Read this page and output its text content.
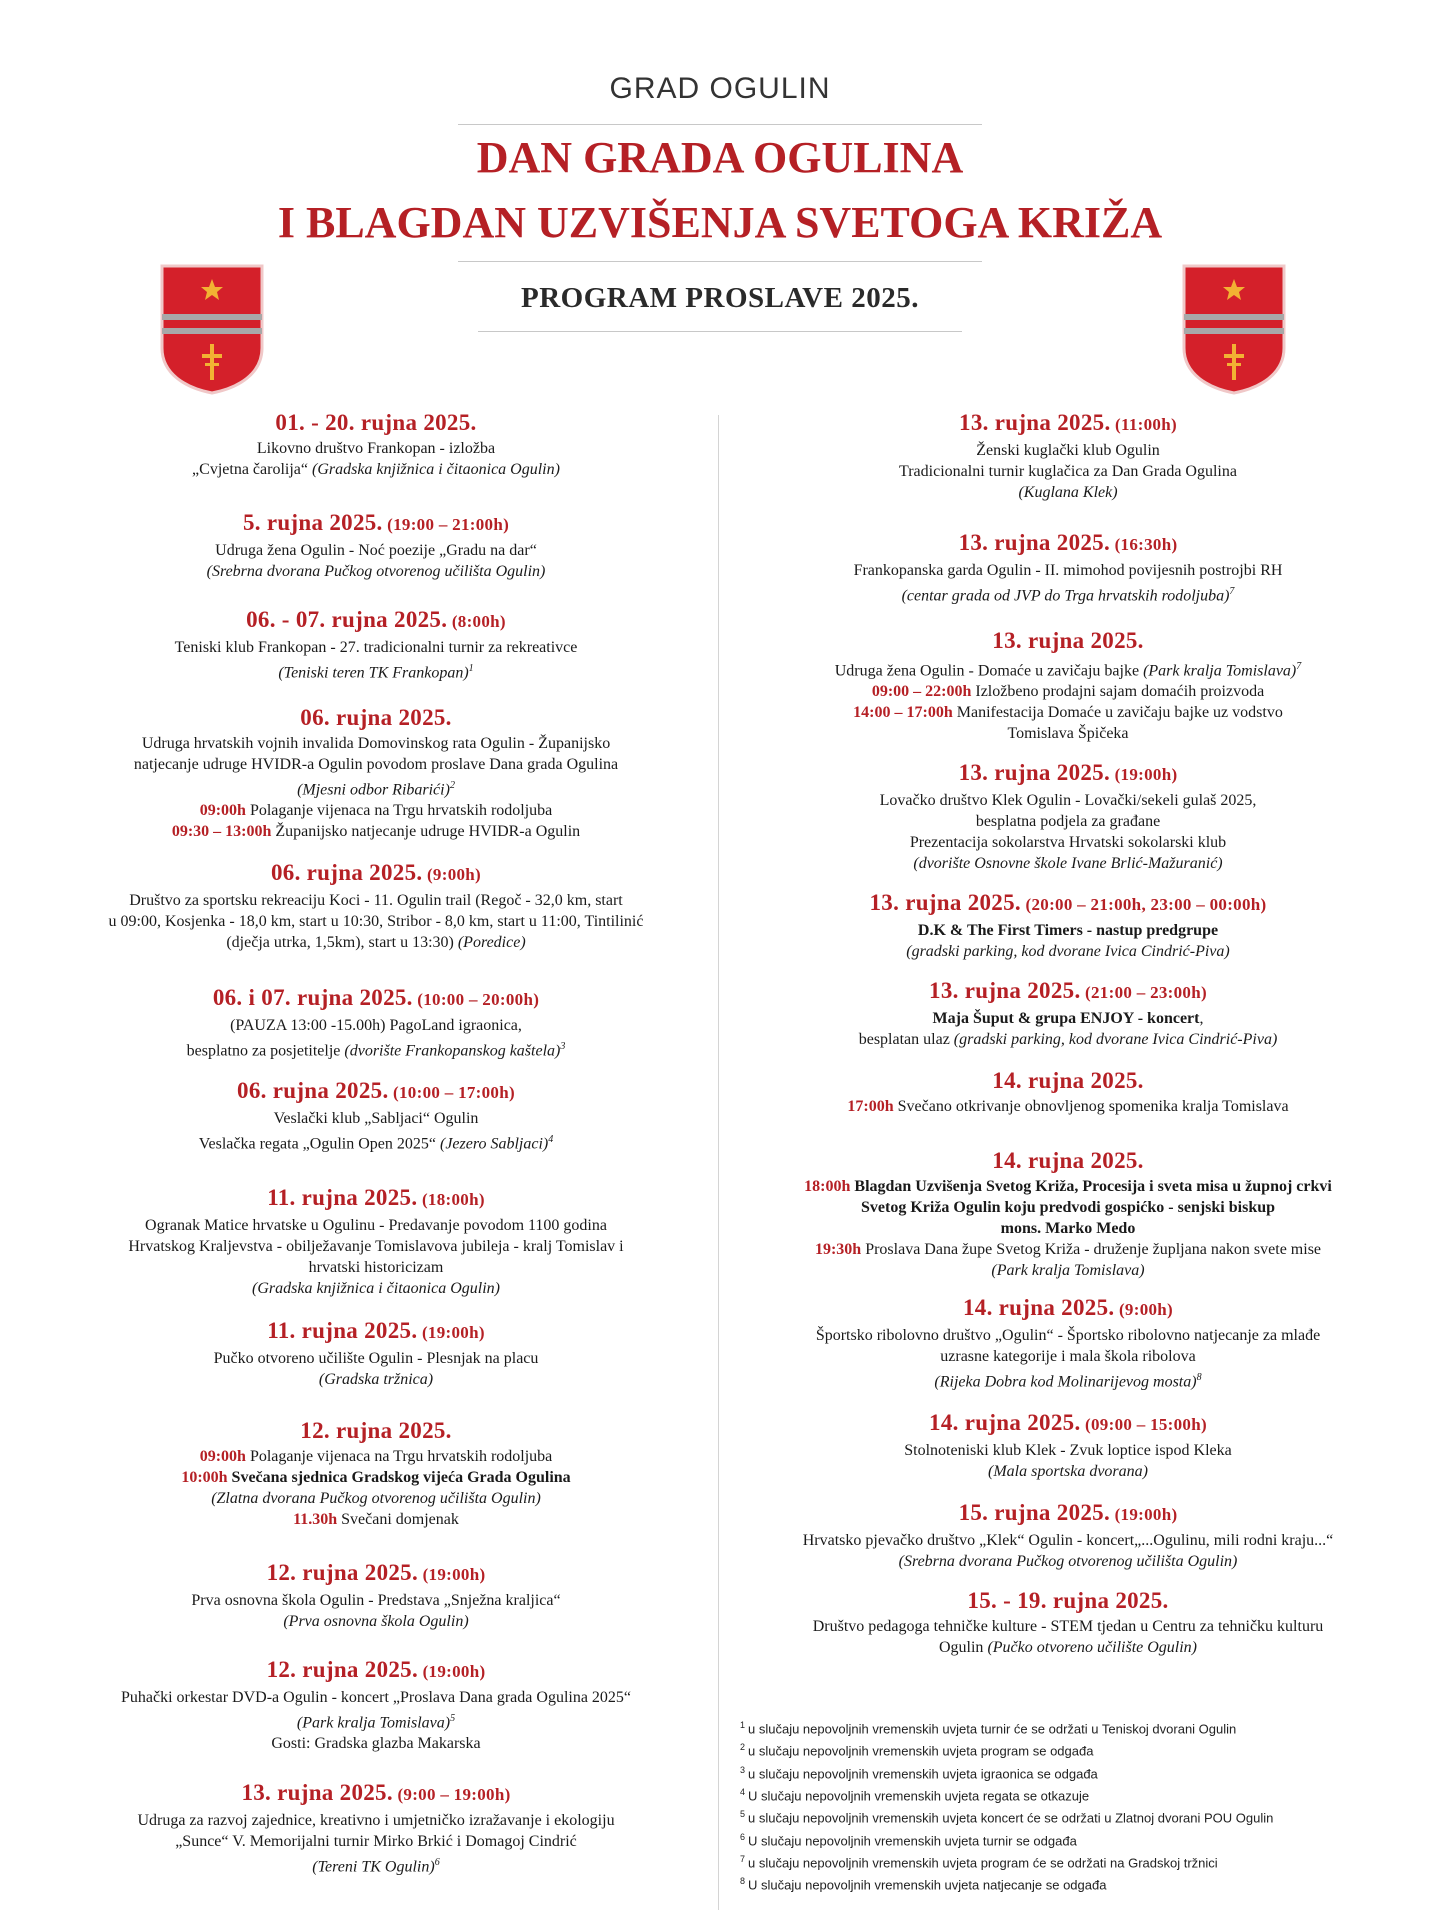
GRAD OGULIN
DAN GRADA OGULINA
I BLAGDAN UZVIŠENJA SVETOGA KRIŽA
PROGRAM PROSLAVE 2025.
01. - 20. rujna 2025.
Likovno društvo Frankopan - izložba
„Cvjetna čarolija“ (Gradska knjižnica i čitaonica Ogulin)
5. rujna 2025. (19:00 – 21:00h)
Udruga žena Ogulin - Noć poezije „Gradu na dar“
(Srebrna dvorana Pučkog otvorenog učilišta Ogulin)
06. - 07. rujna 2025. (8:00h)
Teniski klub Frankopan - 27. tradicionalni turnir za rekreativce
(Teniski teren TK Frankopan)$^1$
06. rujna 2025.
Udruga hrvatskih vojnih invalida Domovinskog rata Ogulin - Županijsko
natjecanje udruge HVIDR-a Ogulin povodom proslave Dana grada Ogulina
(Mjesni odbor Ribarići)$^2$
09:00h Polaganje vijenaca na Trgu hrvatskih rodoljuba
09:30 – 13:00h Županijsko natjecanje udruge HVIDR-a Ogulin
06. rujna 2025. (9:00h)
Društvo za sportsku rekreaciju Koci - 11. Ogulin trail (Regoč - 32,0 km, start
u 09:00, Kosjenka - 18,0 km, start u 10:30, Stribor - 8,0 km, start u 11:00, Tintilinić
(dječja utrka, 1,5km), start u 13:30) (Poredice)
06. i 07. rujna 2025. (10:00 – 20:00h)
(PAUZA 13:00 -15.00h) PagoLand igraonica,
besplatno za posjetitelje (dvorište Frankopanskog kaštela)$^3$
06. rujna 2025. (10:00 – 17:00h)
Veslački klub „Sabljaci“ Ogulin
Veslačka regata „Ogulin Open 2025“ (Jezero Sabljaci)$^4$
11. rujna 2025. (18:00h)
Ogranak Matice hrvatske u Ogulinu - Predavanje povodom 1100 godina
Hrvatskog Kraljevstva - obilježavanje Tomislavova jubileja - kralj Tomislav i
hrvatski historicizam
(Gradska knjižnica i čitaonica Ogulin)
11. rujna 2025. (19:00h)
Pučko otvoreno učilište Ogulin - Plesnjak na placu
(Gradska tržnica)
12. rujna 2025.
09:00h Polaganje vijenaca na Trgu hrvatskih rodoljuba
10:00h Svečana sjednica Gradskog vijeća Grada Ogulina
(Zlatna dvorana Pučkog otvorenog učilišta Ogulin)
11.30h Svečani domjenak
12. rujna 2025. (19:00h)
Prva osnovna škola Ogulin - Predstava „Snježna kraljica“
(Prva osnovna škola Ogulin)
12. rujna 2025. (19:00h)
Puhački orkestar DVD-a Ogulin - koncert „Proslava Dana grada Ogulina 2025“
(Park kralja Tomislava)$^5$
Gosti: Gradska glazba Makarska
13. rujna 2025. (9:00 – 19:00h)
Udruga za razvoj zajednice, kreativno i umjetničko izražavanje i ekologiju
„Sunce“ V. Memorijalni turnir Mirko Brkić i Domagoj Cindrić
(Tereni TK Ogulin)$^6$
13. rujna 2025. (11:00h)
Ženski kuglački klub Ogulin
Tradicionalni turnir kuglačica za Dan Grada Ogulina
(Kuglana Klek)
13. rujna 2025. (16:30h)
Frankopanska garda Ogulin - II. mimohod povijesnih postrojbi RH
(centar grada od JVP do Trga hrvatskih rodoljuba)$^7$
13. rujna 2025.
Udruga žena Ogulin - Domaće u zavičaju bajke (Park kralja Tomislava)$^7$
09:00 – 22:00h Izložbeno prodajni sajam domaćih proizvoda
14:00 – 17:00h Manifestacija Domaće u zavičaju bajke uz vodstvo
Tomislava Špičeka
13. rujna 2025. (19:00h)
Lovačko društvo Klek Ogulin - Lovački/sekeli gulaš 2025,
besplatna podjela za građane
Prezentacija sokolarstva Hrvatski sokolarski klub
(dvorište Osnovne škole Ivane Brlić-Mažuranić)
13. rujna 2025. (20:00 – 21:00h, 23:00 – 00:00h)
D.K & The First Timers - nastup predgrupe
(gradski parking, kod dvorane Ivica Cindrić-Piva)
13. rujna 2025. (21:00 – 23:00h)
Maja Šuput & grupa ENJOY - koncert,
besplatan ulaz (gradski parking, kod dvorane Ivica Cindrić-Piva)
14. rujna 2025.
17:00h Svečano otkrivanje obnovljenog spomenika kralja Tomislava
14. rujna 2025.
18:00h Blagdan Uzvišenja Svetog Križa, Procesija i sveta misa u župnoj crkvi
Svetog Križa Ogulin koju predvodi gospićko - senjski biskup
mons. Marko Medo
19:30h Proslava Dana župe Svetog Križa - druženje župljana nakon svete mise
(Park kralja Tomislava)
14. rujna 2025. (9:00h)
Športsko ribolovno društvo „Ogulin“ - Športsko ribolovno natjecanje za mlađe
uzrasne kategorije i mala škola ribolova
(Rijeka Dobra kod Molinarijevog mosta)$^8$
14. rujna 2025. (09:00 – 15:00h)
Stolnoteniski klub Klek - Zvuk loptice ispod Kleka
(Mala sportska dvorana)
15. rujna 2025. (19:00h)
Hrvatsko pjevačko društvo „Klek“ Ogulin - koncert„...Ogulinu, mili rodni kraju...“
(Srebrna dvorana Pučkog otvorenog učilišta Ogulin)
15. - 19. rujna 2025.
Društvo pedagoga tehničke kulture - STEM tjedan u Centru za tehničku kulturu
Ogulin (Pučko otvoreno učilište Ogulin)
$^1$ u slučaju nepovoljnih vremenskih uvjeta turnir će se održati u Teniskoj dvorani Ogulin
$^2$ u slučaju nepovoljnih vremenskih uvjeta program se odgađa
$^3$ u slučaju nepovoljnih vremenskih uvjeta igraonica se odgađa
$^4$ U slučaju nepovoljnih vremenskih uvjeta regata se otkazuje
$^5$ u slučaju nepovoljnih vremenskih uvjeta koncert će se održati u Zlatnoj dvorani POU Ogulin
$^6$ U slučaju nepovoljnih vremenskih uvjeta turnir se odgađa
$^7$ u slučaju nepovoljnih vremenskih uvjeta program će se održati na Gradskoj tržnici
$^8$ U slučaju nepovoljnih vremenskih uvjeta natjecanje se odgađa
